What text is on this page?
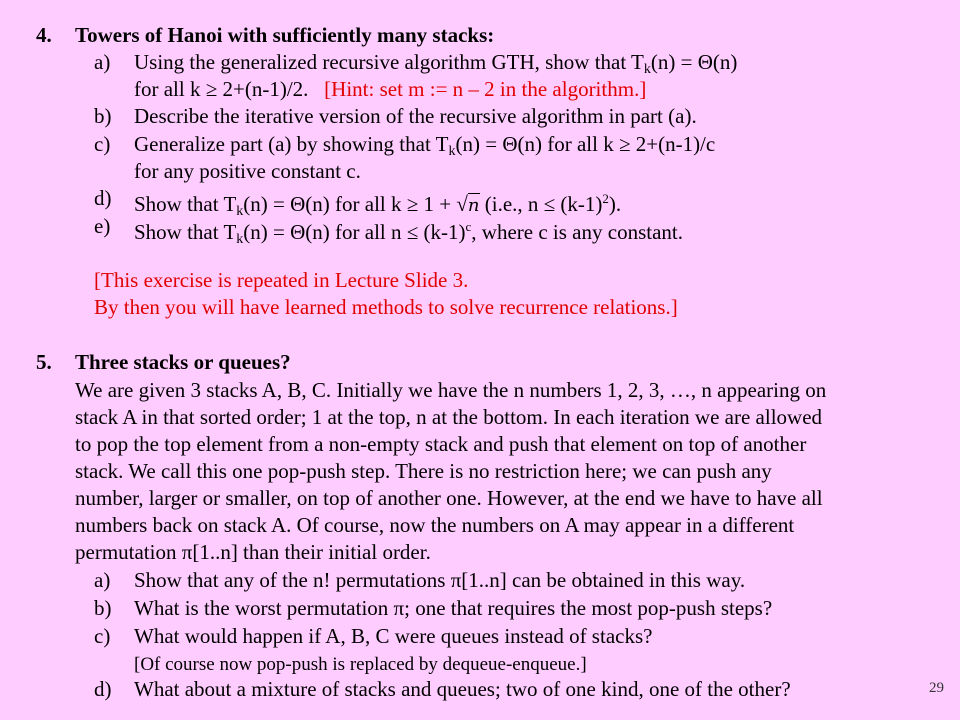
4. Towers of Hanoi with sufficiently many stacks:
a) Using the generalized recursive algorithm GTH, show that $T_k(n) = \Theta(n)$
for all k ≥ 2+(n-1)/2. [Hint: set m := n – 2 in the algorithm.]
b) Describe the iterative version of the recursive algorithm in part (a).
c) Generalize part (a) by showing that $T_k(n) = \Theta(n)$ for all k ≥ 2+(n-1)/c
for any positive constant c.
d) Show that $T_k(n) = \Theta(n)$ for all k ≥ 1 + √n (i.e., $n \le (k-1)^2$).
e) Show that $T_k(n) = \Theta(n)$ for all $n \le (k-1)^c$, where c is any constant.
[This exercise is repeated in Lecture Slide 3.
By then you will have learned methods to solve recurrence relations.]
5. Three stacks or queues?
We are given 3 stacks A, B, C. Initially we have the n numbers 1, 2, 3, …, n appearing on
stack A in that sorted order; 1 at the top, n at the bottom. In each iteration we are allowed
to pop the top element from a non-empty stack and push that element on top of another
stack. We call this one pop-push step. There is no restriction here; we can push any
number, larger or smaller, on top of another one. However, at the end we have to have all
numbers back on stack A. Of course, now the numbers on A may appear in a different
permutation π[1..n] than their initial order.
a) Show that any of the n! permutations π[1..n] can be obtained in this way.
b) What is the worst permutation π; one that requires the most pop-push steps?
c) What would happen if A, B, C were queues instead of stacks?
[Of course now pop-push is replaced by dequeue-enqueue.]
d) What about a mixture of stacks and queues; two of one kind, one of the other?	29
